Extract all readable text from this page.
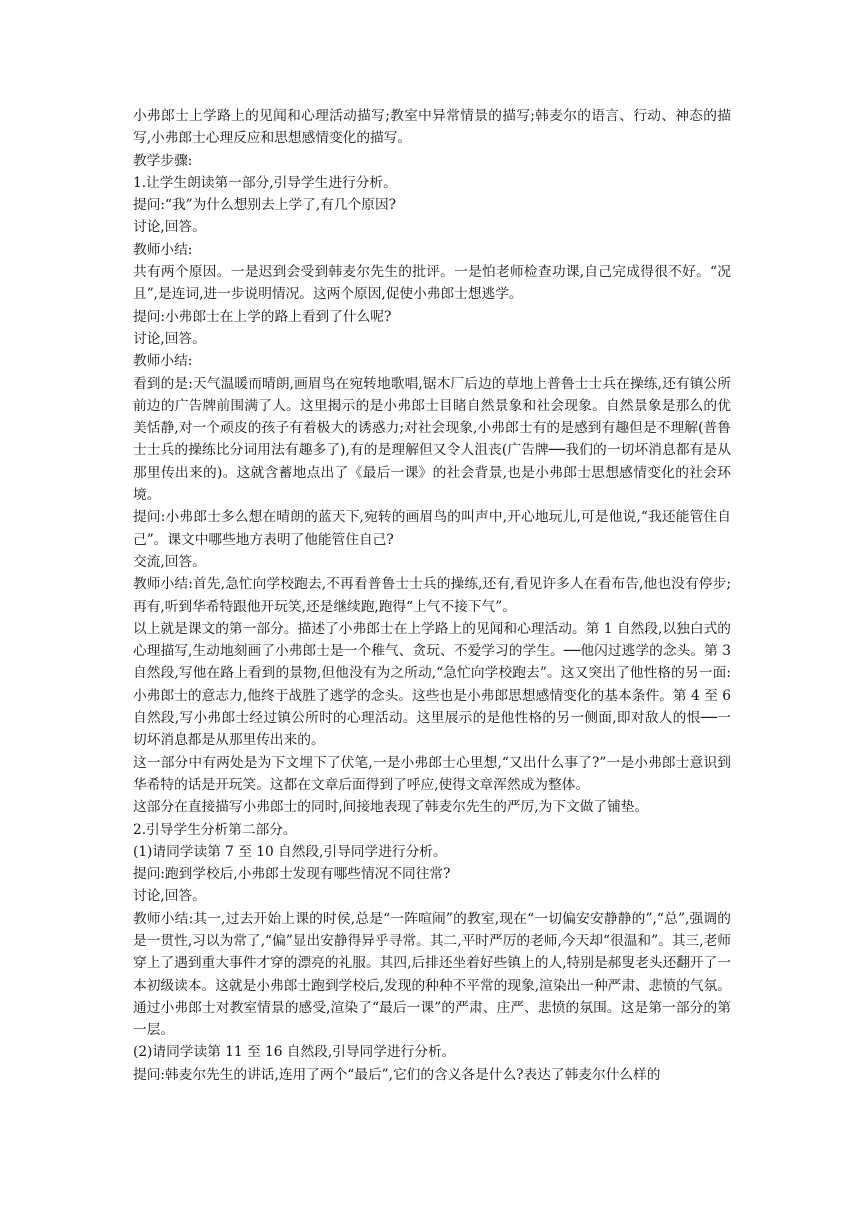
小弗郎士上学路上的见闻和心理活动描写;教室中异常情景的描写;韩麦尔的语言、行动、神态的描写,小弗郎士心理反应和思想感情变化的描写。

教学步骤:

1.让学生朗读第一部分,引导学生进行分析。

提问:“我”为什么想别去上学了,有几个原因?

讨论,回答。

教师小结:

共有两个原因。一是迟到会受到韩麦尔先生的批评。一是怕老师检查功课,自己完成得很不好。“况且”,是连词,进一步说明情况。这两个原因,促使小弗郎士想逃学。

提问:小弗郎士在上学的路上看到了什么呢?

讨论,回答。

教师小结:

看到的是:天气温暖而晴朗,画眉鸟在宛转地歌唱,锯木厂后边的草地上普鲁士士兵在操练,还有镇公所前边的广告牌前围满了人。这里揭示的是小弗郎士目睹自然景象和社会现象。自然景象是那么的优美恬静,对一个顽皮的孩子有着极大的诱惑力;对社会现象,小弗郎士有的是感到有趣但是不理解(普鲁士士兵的操练比分词用法有趣多了),有的是理解但又令人沮丧(广告牌──我们的一切坏消息都有是从那里传出来的)。这就含蓄地点出了《最后一课》的社会背景,也是小弗郎士思想感情变化的社会环境。

提问:小弗郎士多么想在晴朗的蓝天下,宛转的画眉鸟的叫声中,开心地玩儿,可是他说,“我还能管住自己”。课文中哪些地方表明了他能管住自己?

交流,回答。

教师小结:首先,急忙向学校跑去,不再看普鲁士士兵的操练,还有,看见许多人在看布告,他也没有停步;再有,听到华希特跟他开玩笑,还是继续跑,跑得“上气不接下气”。

以上就是课文的第一部分。描述了小弗郎士在上学路上的见闻和心理活动。第 1 自然段,以独白式的心理描写,生动地刻画了小弗郎士是一个稚气、贪玩、不爱学习的学生。──他闪过逃学的念头。第 3 自然段,写他在路上看到的景物,但他没有为之所动,“急忙向学校跑去”。这又突出了他性格的另一面:小弗郎士的意志力,他终于战胜了逃学的念头。这些也是小弗郎思想感情变化的基本条件。第 4 至 6 自然段,写小弗郎士经过镇公所时的心理活动。这里展示的是他性格的另一侧面,即对敌人的恨──一切坏消息都是从那里传出来的。

这一部分中有两处是为下文埋下了伏笔,一是小弗郎士心里想,“又出什么事了?”一是小弗郎士意识到华希特的话是开玩笑。这都在文章后面得到了呼应,使得文章浑然成为整体。

这部分在直接描写小弗郎士的同时,间接地表现了韩麦尔先生的严厉,为下文做了铺垫。

2.引导学生分析第二部分。

(1)请同学读第 7 至 10 自然段,引导同学进行分析。

提问:跑到学校后,小弗郎士发现有哪些情况不同往常?

讨论,回答。

教师小结:其一,过去开始上课的时侯,总是“一阵喧闹”的教室,现在“一切偏安安静静的”,“总”,强调的是一贯性,习以为常了,“偏”显出安静得异乎寻常。其二,平时严厉的老师,今天却“很温和”。其三,老师穿上了遇到重大事件才穿的漂亮的礼服。其四,后排还坐着好些镇上的人,特别是郝叟老头还翻开了一本初级读本。这就是小弗郎士跑到学校后,发现的种种不平常的现象,渲染出一种严肃、悲愤的气氛。通过小弗郎士对教室情景的感受,渲染了“最后一课”的严肃、庄严、悲愤的氛围。这是第一部分的第一层。

(2)请同学读第 11 至 16 自然段,引导同学进行分析。

提问:韩麦尔先生的讲话,连用了两个“最后”,它们的含义各是什么?表达了韩麦尔什么样的
